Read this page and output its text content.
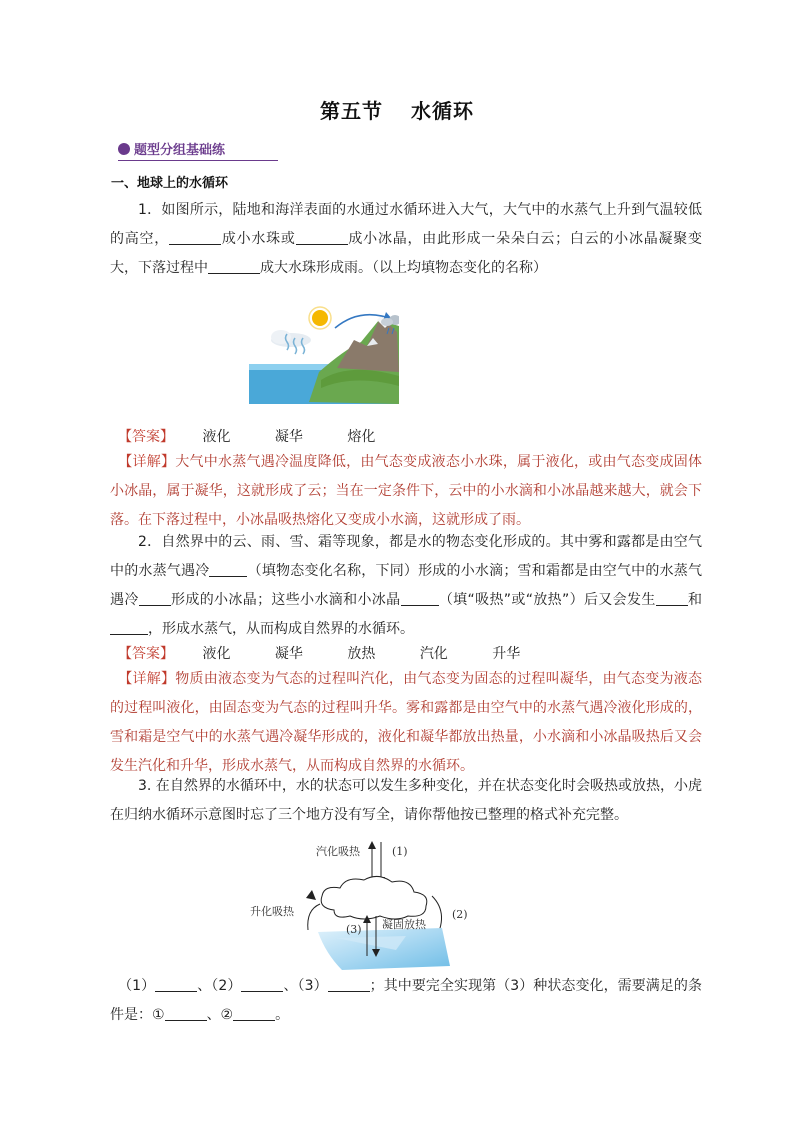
第五节 水循环
题型分组基础练
一、地球上的水循环
1．如图所示，陆地和海洋表面的水通过水循环进入大气，大气中的水蒸气上升到气温较低的高空，	成小水珠或	成小冰晶，由此形成一朵朵白云；白云的小冰晶凝聚变大，下落过程中	成大水珠形成雨。（以上均填物态变化的名称）
【答案】 液化	凝华	熔化
【详解】大气中水蒸气遇冷温度降低，由气态变成液态小水珠，属于液化，或由气态变成固体小冰晶，属于凝华，这就形成了云；当在一定条件下，云中的小水滴和小冰晶越来越大，就会下落。在下落过程中，小冰晶吸热熔化又变成小水滴，这就形成了雨。
2．自然界中的云、雨、雪、霜等现象，都是水的物态变化形成的。其中雾和露都是由空气中的水蒸气遇冷	（填物态变化名称，下同）形成的小水滴；雪和霜都是由空气中的水蒸气遇冷 形成的小冰晶；这些小水滴和小冰晶	（填“吸热”或“放热”）后又会发生 和，形成水蒸气，从而构成自然界的水循环。
【答案】 液化	凝华	放热	汽化	升华
【详解】物质由液态变为气态的过程叫汽化，由气态变为固态的过程叫凝华，由气态变为液态的过程叫液化，由固态变为气态的过程叫升华。雾和露都是由空气中的水蒸气遇冷液化形成的，雪和霜是空气中的水蒸气遇冷凝华形成的，液化和凝华都放出热量，小水滴和小冰晶吸热后又会发生汽化和升华，形成水蒸气，从而构成自然界的水循环。
3. 在自然界的水循环中，水的状态可以发生多种变化，并在状态变化时会吸热或放热，小虎在归纳水循环示意图时忘了三个地方没有写全，请你帮他按已整理的格式补充完整。
汽化吸热	(1)
升化吸热	(2)
(3) 凝固放热
（1）	、（2）	、（3）	；其中要完全实现第（3）种状态变化，需要满足的条件是：①	、②	。
